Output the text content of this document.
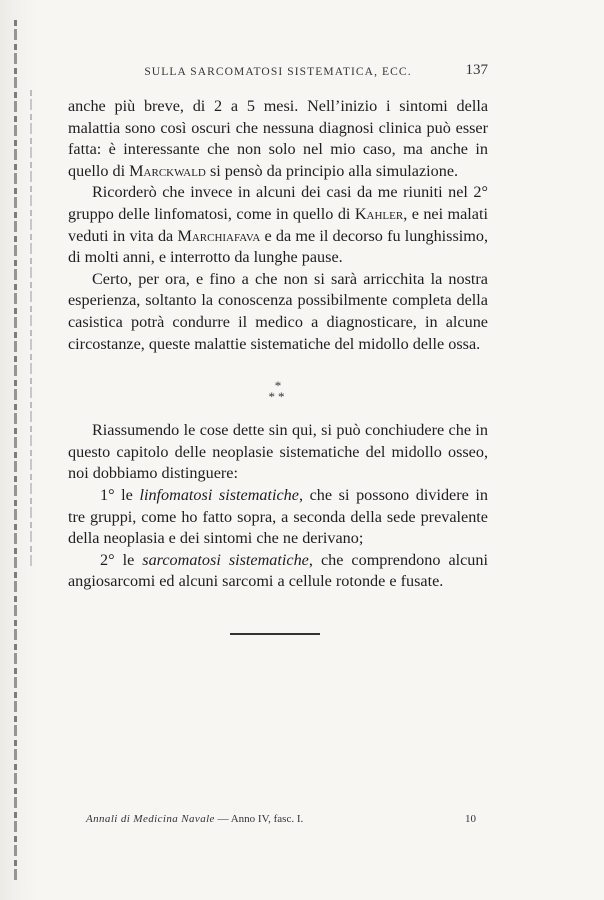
SULLA SARCOMATOSI SISTEMATICA, ECC.	137

anche più breve, di 2 a 5 mesi. Nell’inizio i sintomi della malattia sono così oscuri che nessuna diagnosi clinica può esser fatta: è interessante che non solo nel mio caso, ma anche in quello di Marckwald si pensò da principio alla simulazione.

Ricorderò che invece in alcuni dei casi da me riuniti nel 2° gruppo delle linfomatosi, come in quello di Kahler, e nei malati veduti in vita da Marchiafava e da me il decorso fu lunghissimo, di molti anni, e interrotto da lunghe pause.

Certo, per ora, e fino a che non si sarà arricchita la nostra esperienza, soltanto la conoscenza possibilmente completa della casistica potrà condurre il medico a diagnosticare, in alcune circostanze, queste malattie sistematiche del midollo delle ossa.

*
**

Riassumendo le cose dette sin qui, si può conchiudere che in questo capitolo delle neoplasie sistematiche del midollo osseo, noi dobbiamo distinguere:

1° le linfomatosi sistematiche, che si possono dividere in tre gruppi, come ho fatto sopra, a seconda della sede prevalente della neoplasia e dei sintomi che ne derivano;

2° le sarcomatosi sistematiche, che comprendono alcuni angiosarcomi ed alcuni sarcomi a cellule rotonde e fusate.

Annali di Medicina Navale — Anno IV, fasc. I.	10
